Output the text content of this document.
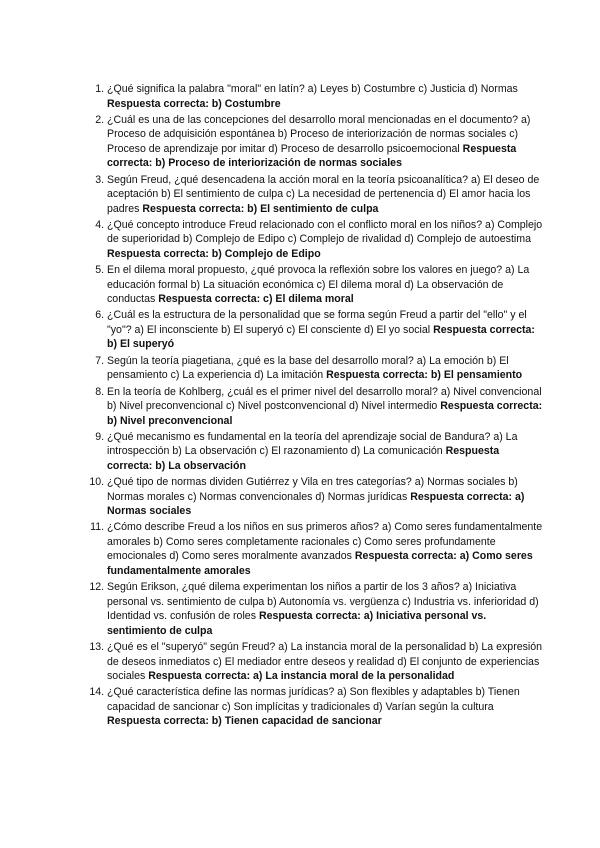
1. ¿Qué significa la palabra "moral" en latín? a) Leyes b) Costumbre c) Justicia d) Normas Respuesta correcta: b) Costumbre
2. ¿Cuál es una de las concepciones del desarrollo moral mencionadas en el documento? a) Proceso de adquisición espontánea b) Proceso de interiorización de normas sociales c) Proceso de aprendizaje por imitar d) Proceso de desarrollo psicoemocional Respuesta correcta: b) Proceso de interiorización de normas sociales
3. Según Freud, ¿qué desencadena la acción moral en la teoría psicoanalítica? a) El deseo de aceptación b) El sentimiento de culpa c) La necesidad de pertenencia d) El amor hacia los padres Respuesta correcta: b) El sentimiento de culpa
4. ¿Qué concepto introduce Freud relacionado con el conflicto moral en los niños? a) Complejo de superioridad b) Complejo de Edipo c) Complejo de rivalidad d) Complejo de autoestima Respuesta correcta: b) Complejo de Edipo
5. En el dilema moral propuesto, ¿qué provoca la reflexión sobre los valores en juego? a) La educación formal b) La situación económica c) El dilema moral d) La observación de conductas Respuesta correcta: c) El dilema moral
6. ¿Cuál es la estructura de la personalidad que se forma según Freud a partir del "ello" y el "yo"? a) El inconsciente b) El superyó c) El consciente d) El yo social Respuesta correcta: b) El superyó
7. Según la teoría piagetiana, ¿qué es la base del desarrollo moral? a) La emoción b) El pensamiento c) La experiencia d) La imitación Respuesta correcta: b) El pensamiento
8. En la teoría de Kohlberg, ¿cuál es el primer nivel del desarrollo moral? a) Nivel convencional b) Nivel preconvencional c) Nivel postconvencional d) Nivel intermedio Respuesta correcta: b) Nivel preconvencional
9. ¿Qué mecanismo es fundamental en la teoría del aprendizaje social de Bandura? a) La introspección b) La observación c) El razonamiento d) La comunicación Respuesta correcta: b) La observación
10. ¿Qué tipo de normas dividen Gutiérrez y Vila en tres categorías? a) Normas sociales b) Normas morales c) Normas convencionales d) Normas jurídicas Respuesta correcta: a) Normas sociales
11. ¿Cómo describe Freud a los niños en sus primeros años? a) Como seres fundamentalmente amorales b) Como seres completamente racionales c) Como seres profundamente emocionales d) Como seres moralmente avanzados Respuesta correcta: a) Como seres fundamentalmente amorales
12. Según Erikson, ¿qué dilema experimentan los niños a partir de los 3 años? a) Iniciativa personal vs. sentimiento de culpa b) Autonomía vs. vergüenza c) Industria vs. inferioridad d) Identidad vs. confusión de roles Respuesta correcta: a) Iniciativa personal vs. sentimiento de culpa
13. ¿Qué es el "superyó" según Freud? a) La instancia moral de la personalidad b) La expresión de deseos inmediatos c) El mediador entre deseos y realidad d) El conjunto de experiencias sociales Respuesta correcta: a) La instancia moral de la personalidad
14. ¿Qué característica define las normas jurídicas? a) Son flexibles y adaptables b) Tienen capacidad de sancionar c) Son implícitas y tradicionales d) Varían según la cultura Respuesta correcta: b) Tienen capacidad de sancionar
